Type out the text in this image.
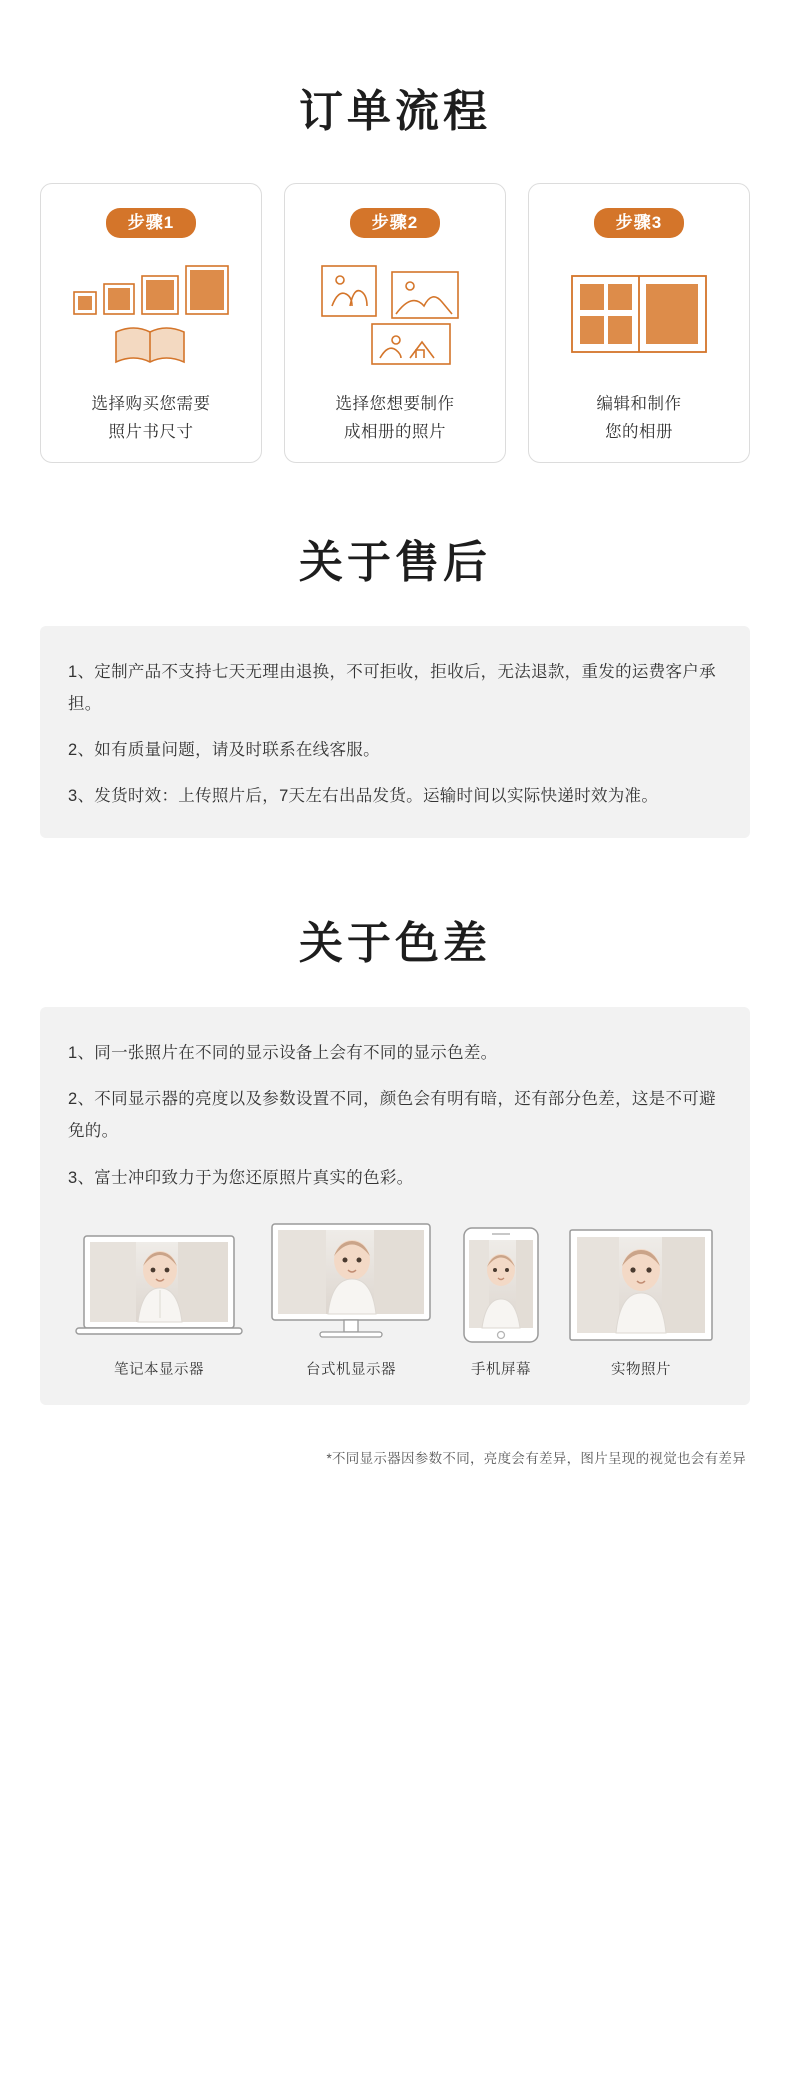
订单流程
步骤1
选择购买您需要
照片书尺寸
步骤2
选择您想要制作
成相册的照片
步骤3
编辑和制作
您的相册
关于售后

1、定制产品不支持七天无理由退换，不可拒收，拒收后，无法退款，重发的运费客户承担。

2、如有质量问题，请及时联系在线客服。

3、发货时效：上传照片后，7天左右出品发货。运输时间以实际快递时效为准。

关于色差

1、同一张照片在不同的显示设备上会有不同的显示色差。

2、不同显示器的亮度以及参数设置不同，颜色会有明有暗，还有部分色差，这是不可避免的。

3、富士冲印致力于为您还原照片真实的色彩。

笔记本显示器	台式机显示器	手机屏幕	实物照片
*不同显示器因参数不同，亮度会有差异，图片呈现的视觉也会有差异
